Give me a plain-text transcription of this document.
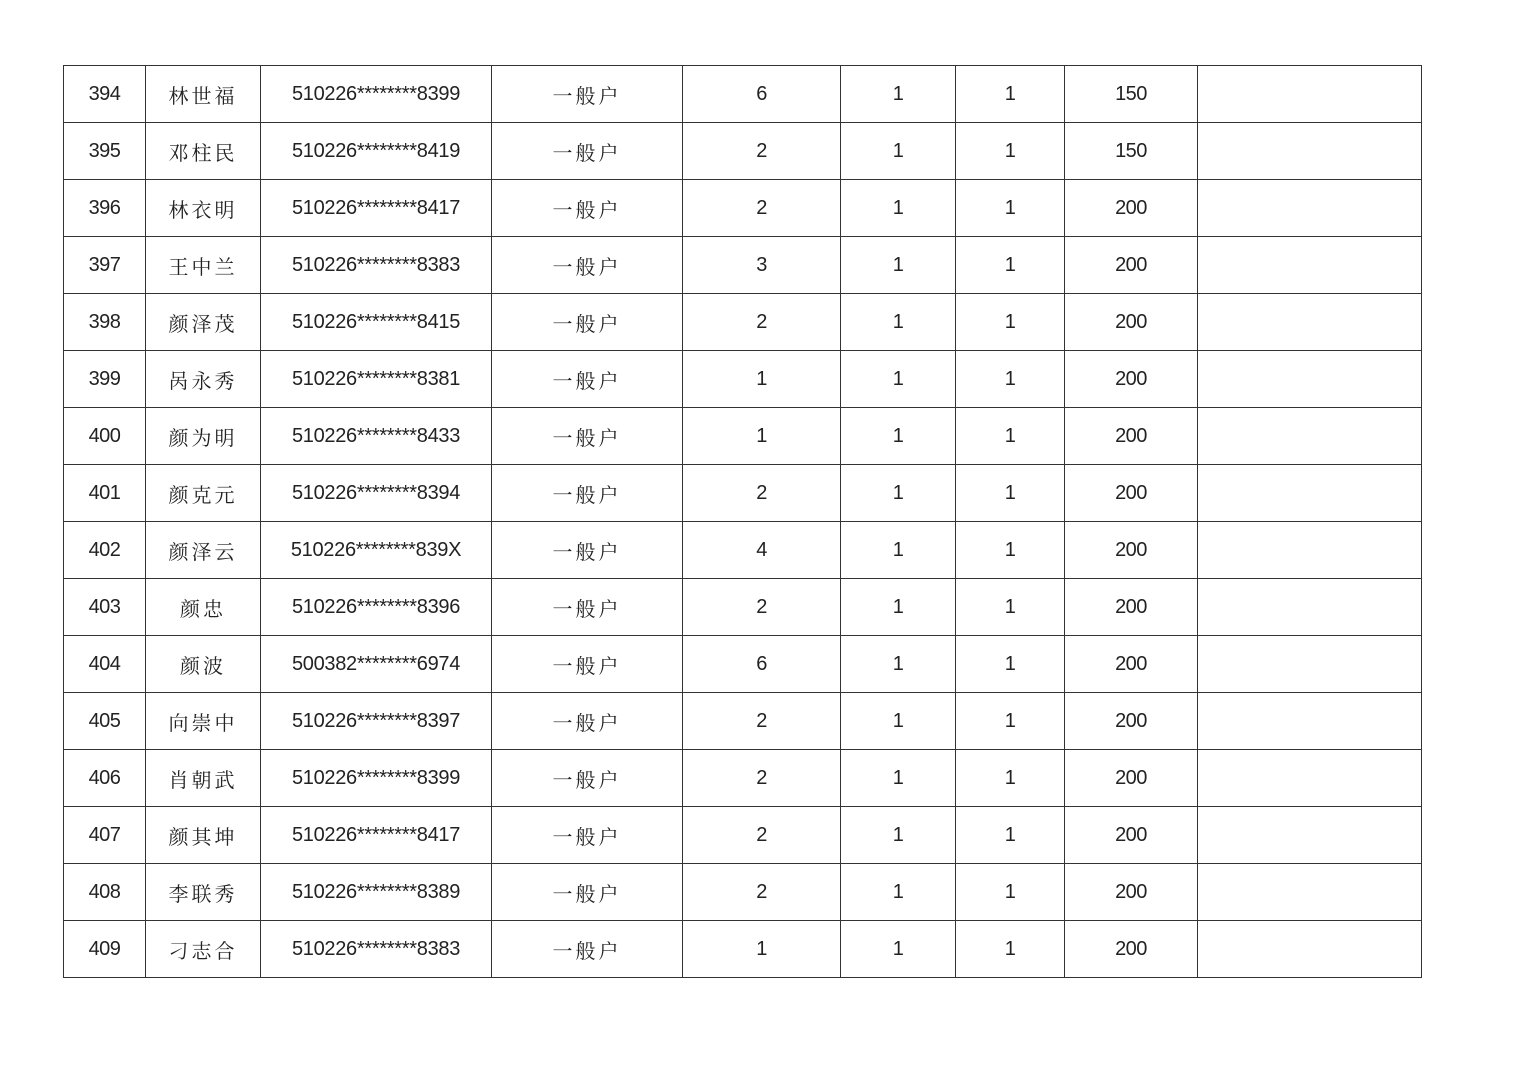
394	林世福	510226********8399	一般户	6	1	1	150	
395	邓柱民	510226********8419	一般户	2	1	1	150	
396	林衣明	510226********8417	一般户	2	1	1	200	
397	王中兰	510226********8383	一般户	3	1	1	200	
398	颜泽茂	510226********8415	一般户	2	1	1	200	
399	呙永秀	510226********8381	一般户	1	1	1	200	
400	颜为明	510226********8433	一般户	1	1	1	200	
401	颜克元	510226********8394	一般户	2	1	1	200	
402	颜泽云	510226********839X	一般户	4	1	1	200	
403	颜忠	510226********8396	一般户	2	1	1	200	
404	颜波	500382********6974	一般户	6	1	1	200	
405	向崇中	510226********8397	一般户	2	1	1	200	
406	肖朝武	510226********8399	一般户	2	1	1	200	
407	颜其坤	510226********8417	一般户	2	1	1	200	
408	李联秀	510226********8389	一般户	2	1	1	200	
409	刁志合	510226********8383	一般户	1	1	1	200	
